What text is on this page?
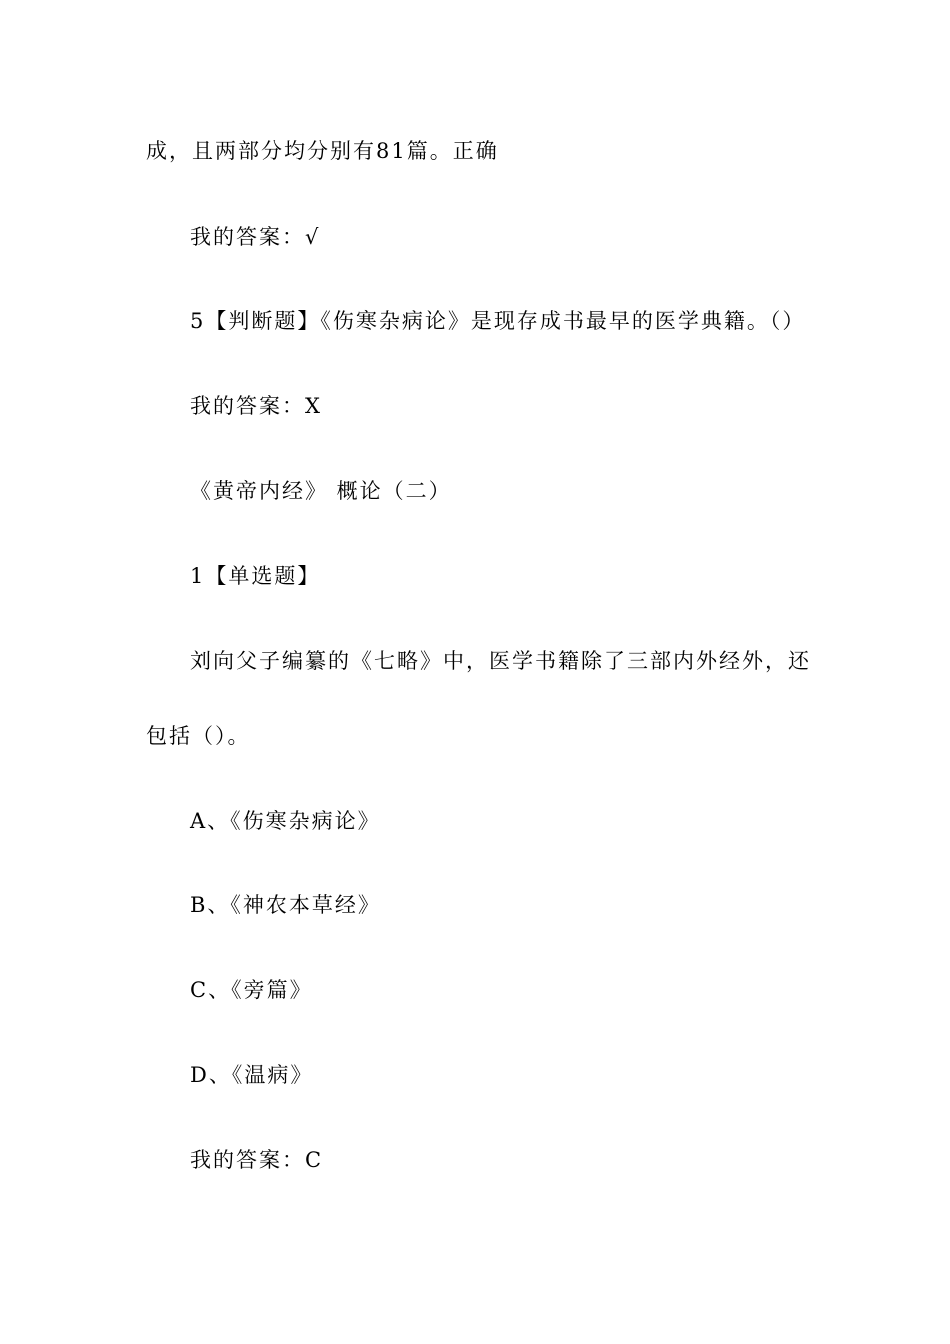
成，且两部分均分别有81篇。正确
我的答案：√
5【判断题】《伤寒杂病论》是现存成书最早的医学典籍。（）
我的答案：X
《黄帝内经》 概论（二）
1【单选题】
刘向父子编纂的《七略》中，医学书籍除了三部内外经外，还
包括（）。
A、《伤寒杂病论》
B、《神农本草经》
C、《旁篇》
D、《温病》
我的答案：C
